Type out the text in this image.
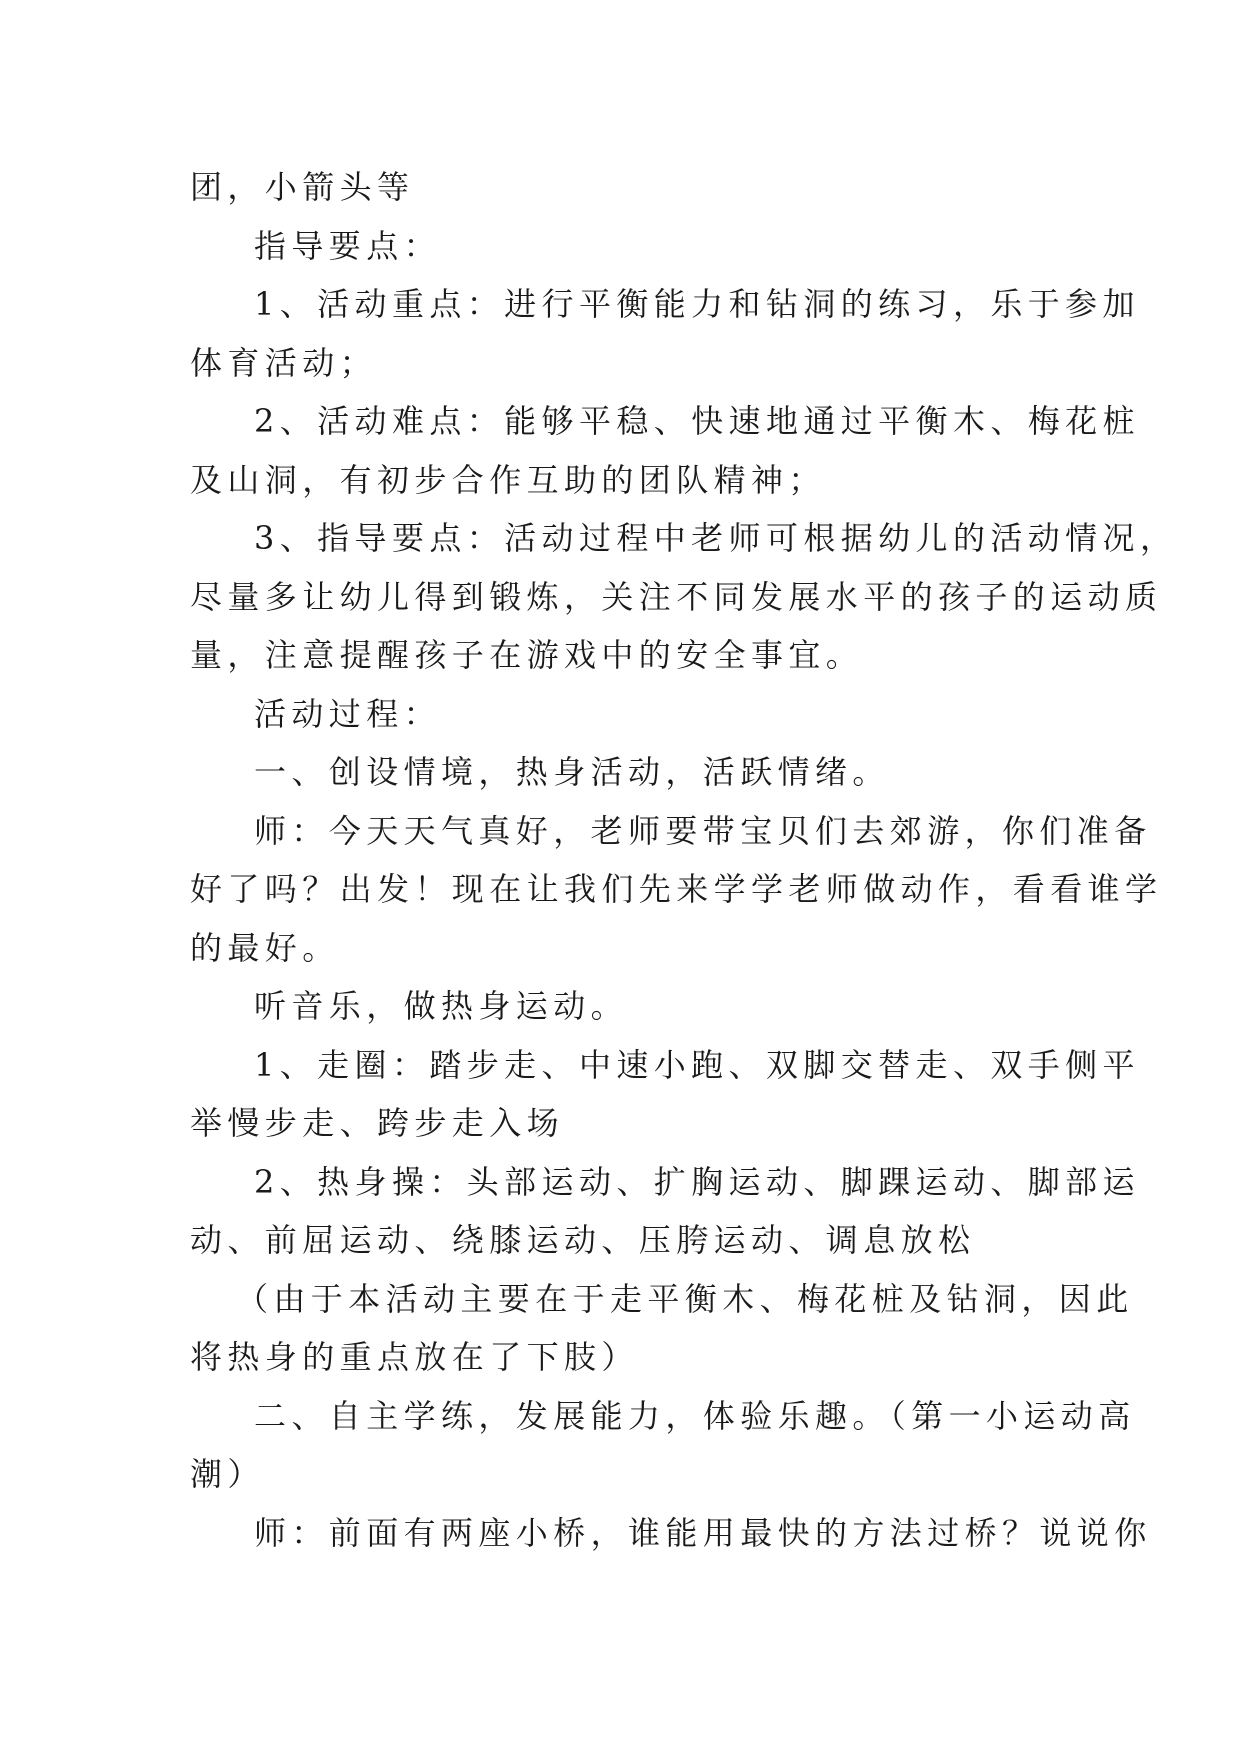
团，小箭头等
指导要点：
1、活动重点：进行平衡能力和钻洞的练习，乐于参加
体育活动；
2、活动难点：能够平稳、快速地通过平衡木、梅花桩
及山洞，有初步合作互助的团队精神；
3、指导要点：活动过程中老师可根据幼儿的活动情况，
尽量多让幼儿得到锻炼，关注不同发展水平的孩子的运动质
量，注意提醒孩子在游戏中的安全事宜。
活动过程：
一、创设情境，热身活动，活跃情绪。
师：今天天气真好，老师要带宝贝们去郊游，你们准备
好了吗？出发！现在让我们先来学学老师做动作，看看谁学
的最好。
听音乐，做热身运动。
1、走圈：踏步走、中速小跑、双脚交替走、双手侧平
举慢步走、跨步走入场
2、热身操：头部运动、扩胸运动、脚踝运动、脚部运
动、前屈运动、绕膝运动、压胯运动、调息放松
（由于本活动主要在于走平衡木、梅花桩及钻洞，因此
将热身的重点放在了下肢）
二、自主学练，发展能力，体验乐趣。（第一小运动高
潮）
师：前面有两座小桥，谁能用最快的方法过桥？说说你
